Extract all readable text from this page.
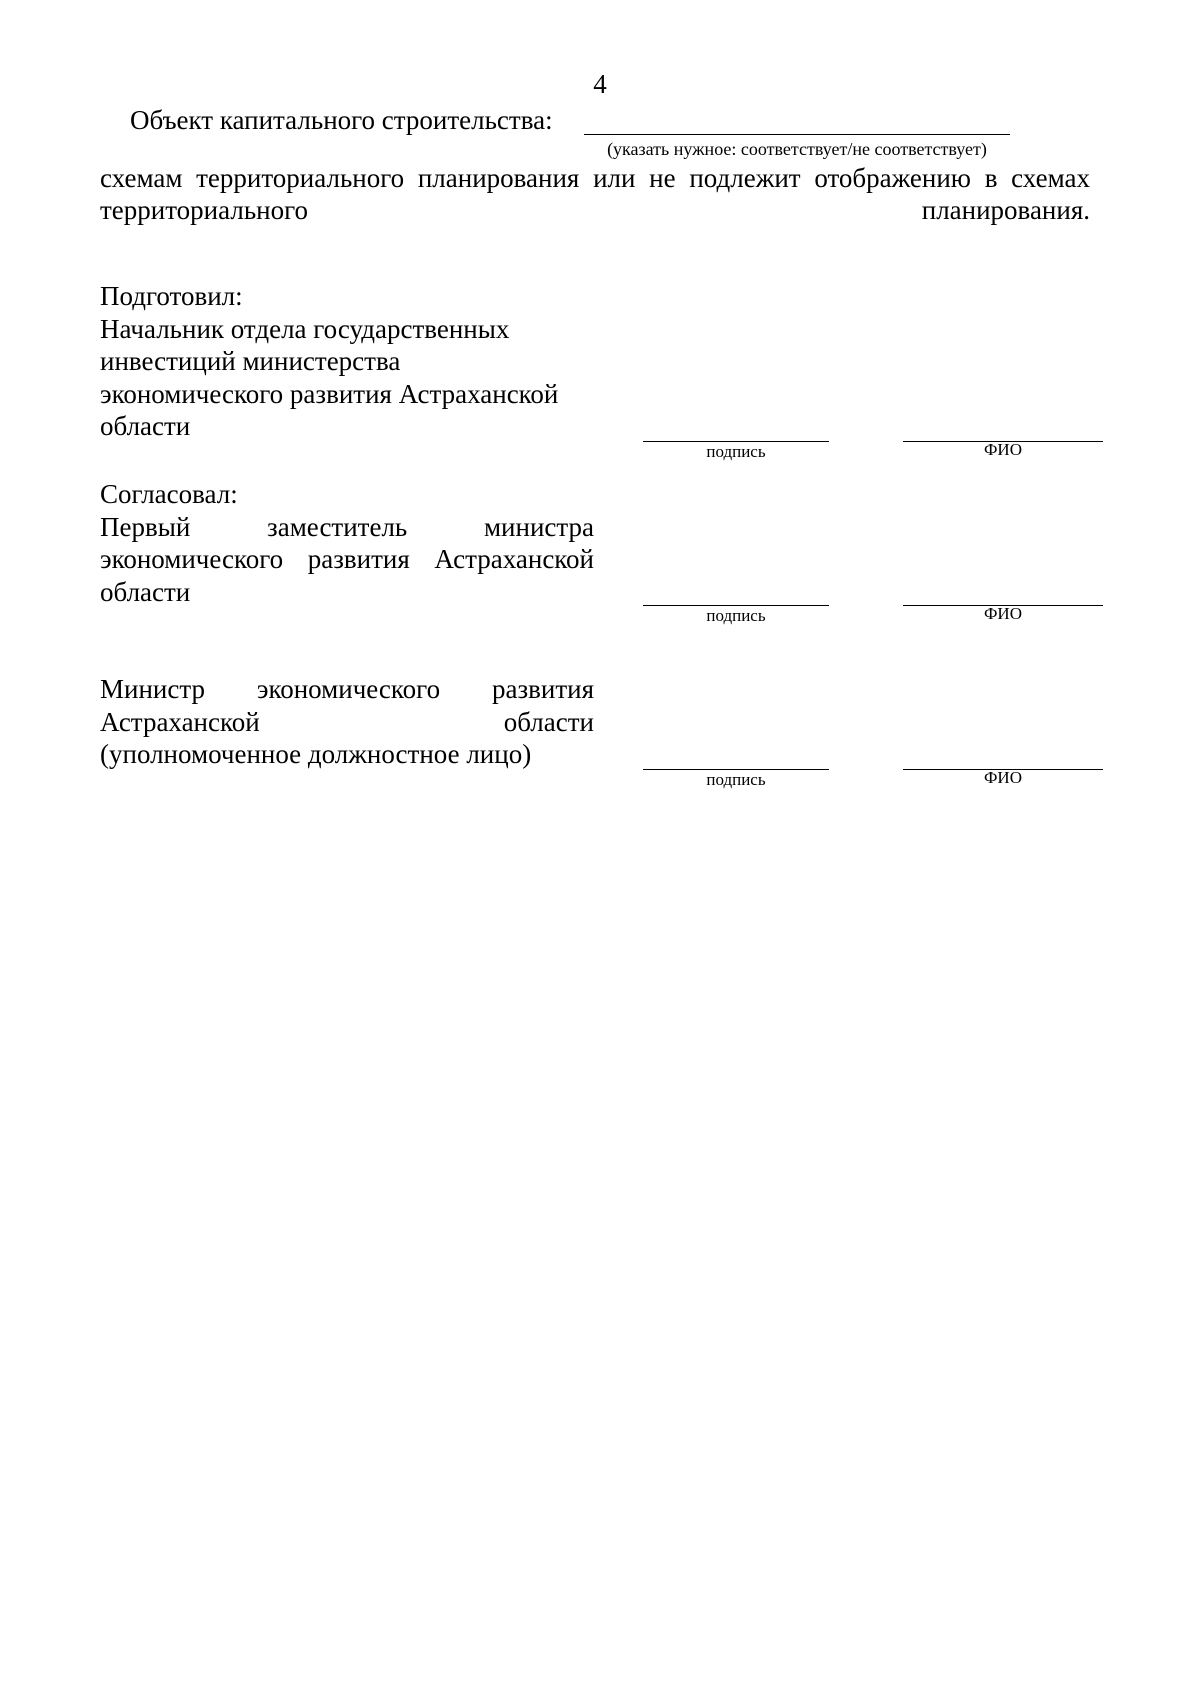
4
Объект капитального строительства:
(указать нужное: соответствует/не соответствует)

схемам территориального планирования или не подлежит отображению в схемах территориального планирования.

Подготовил:
Начальник отдела государственных
инвестиций министерства
экономического развития Астраханской
области
подпись	ФИО
Согласовал:
Первый заместитель министра
экономического развития Астраханской
области
подпись	ФИО
Министр экономического развития
Астраханской области
(уполномоченное должностное лицо)
подпись	ФИО
